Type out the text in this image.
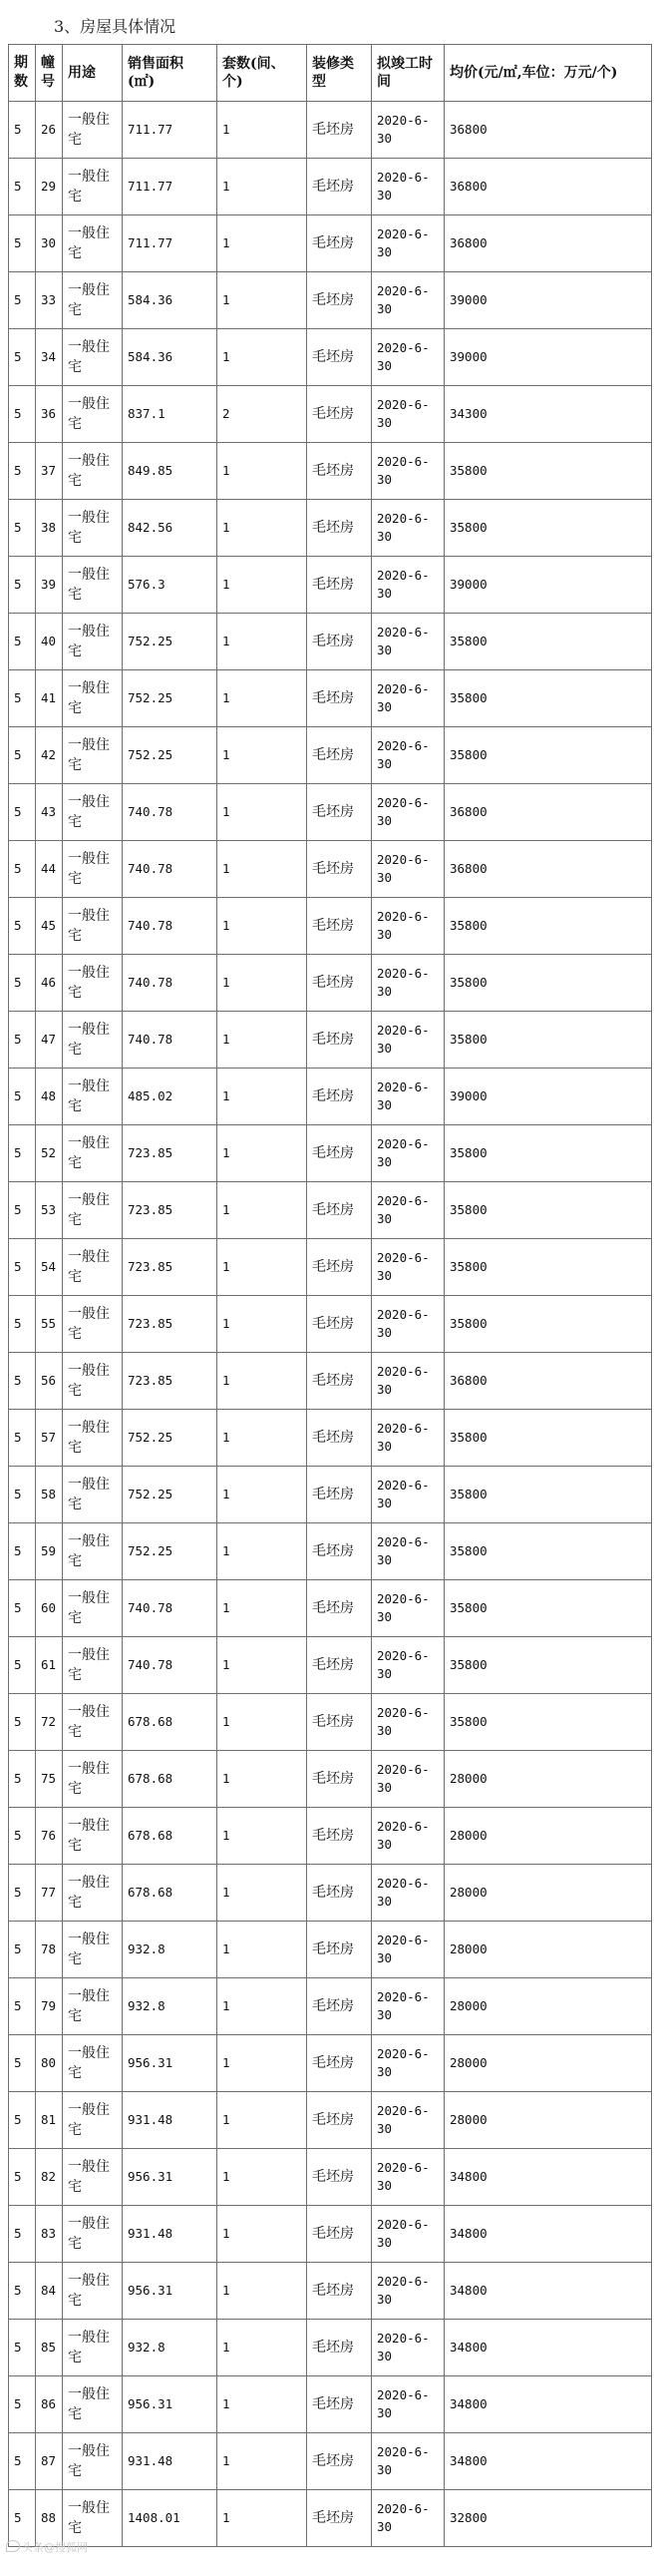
3、房屋具体情况
期数	幢号	用途	销售面积(㎡)	套数(间、个)	装修类型	拟竣工时间	均价(元/㎡,车位：万元/个)

5	26	一般住宅	711.77	1	毛坯房	2020-6-30	36800
5	29	一般住宅	711.77	1	毛坯房	2020-6-30	36800
5	30	一般住宅	711.77	1	毛坯房	2020-6-30	36800
5	33	一般住宅	584.36	1	毛坯房	2020-6-30	39000
5	34	一般住宅	584.36	1	毛坯房	2020-6-30	39000
5	36	一般住宅	837.1	2	毛坯房	2020-6-30	34300
5	37	一般住宅	849.85	1	毛坯房	2020-6-30	35800
5	38	一般住宅	842.56	1	毛坯房	2020-6-30	35800
5	39	一般住宅	576.3	1	毛坯房	2020-6-30	39000
5	40	一般住宅	752.25	1	毛坯房	2020-6-30	35800
5	41	一般住宅	752.25	1	毛坯房	2020-6-30	35800
5	42	一般住宅	752.25	1	毛坯房	2020-6-30	35800
5	43	一般住宅	740.78	1	毛坯房	2020-6-30	36800
5	44	一般住宅	740.78	1	毛坯房	2020-6-30	36800
5	45	一般住宅	740.78	1	毛坯房	2020-6-30	35800
5	46	一般住宅	740.78	1	毛坯房	2020-6-30	35800
5	47	一般住宅	740.78	1	毛坯房	2020-6-30	35800
5	48	一般住宅	485.02	1	毛坯房	2020-6-30	39000
5	52	一般住宅	723.85	1	毛坯房	2020-6-30	35800
5	53	一般住宅	723.85	1	毛坯房	2020-6-30	35800
5	54	一般住宅	723.85	1	毛坯房	2020-6-30	35800
5	55	一般住宅	723.85	1	毛坯房	2020-6-30	35800
5	56	一般住宅	723.85	1	毛坯房	2020-6-30	36800
5	57	一般住宅	752.25	1	毛坯房	2020-6-30	35800
5	58	一般住宅	752.25	1	毛坯房	2020-6-30	35800
5	59	一般住宅	752.25	1	毛坯房	2020-6-30	35800
5	60	一般住宅	740.78	1	毛坯房	2020-6-30	35800
5	61	一般住宅	740.78	1	毛坯房	2020-6-30	35800
5	72	一般住宅	678.68	1	毛坯房	2020-6-30	35800
5	75	一般住宅	678.68	1	毛坯房	2020-6-30	28000
5	76	一般住宅	678.68	1	毛坯房	2020-6-30	28000
5	77	一般住宅	678.68	1	毛坯房	2020-6-30	28000
5	78	一般住宅	932.8	1	毛坯房	2020-6-30	28000
5	79	一般住宅	932.8	1	毛坯房	2020-6-30	28000
5	80	一般住宅	956.31	1	毛坯房	2020-6-30	28000
5	81	一般住宅	931.48	1	毛坯房	2020-6-30	28000
5	82	一般住宅	956.31	1	毛坯房	2020-6-30	34800
5	83	一般住宅	931.48	1	毛坯房	2020-6-30	34800
5	84	一般住宅	956.31	1	毛坯房	2020-6-30	34800
5	85	一般住宅	932.8	1	毛坯房	2020-6-30	34800
5	86	一般住宅	956.31	1	毛坯房	2020-6-30	34800
5	87	一般住宅	931.48	1	毛坯房	2020-6-30	34800
5	88	一般住宅	1408.01	1	毛坯房	2020-6-30	32800
头条@搜狐网
